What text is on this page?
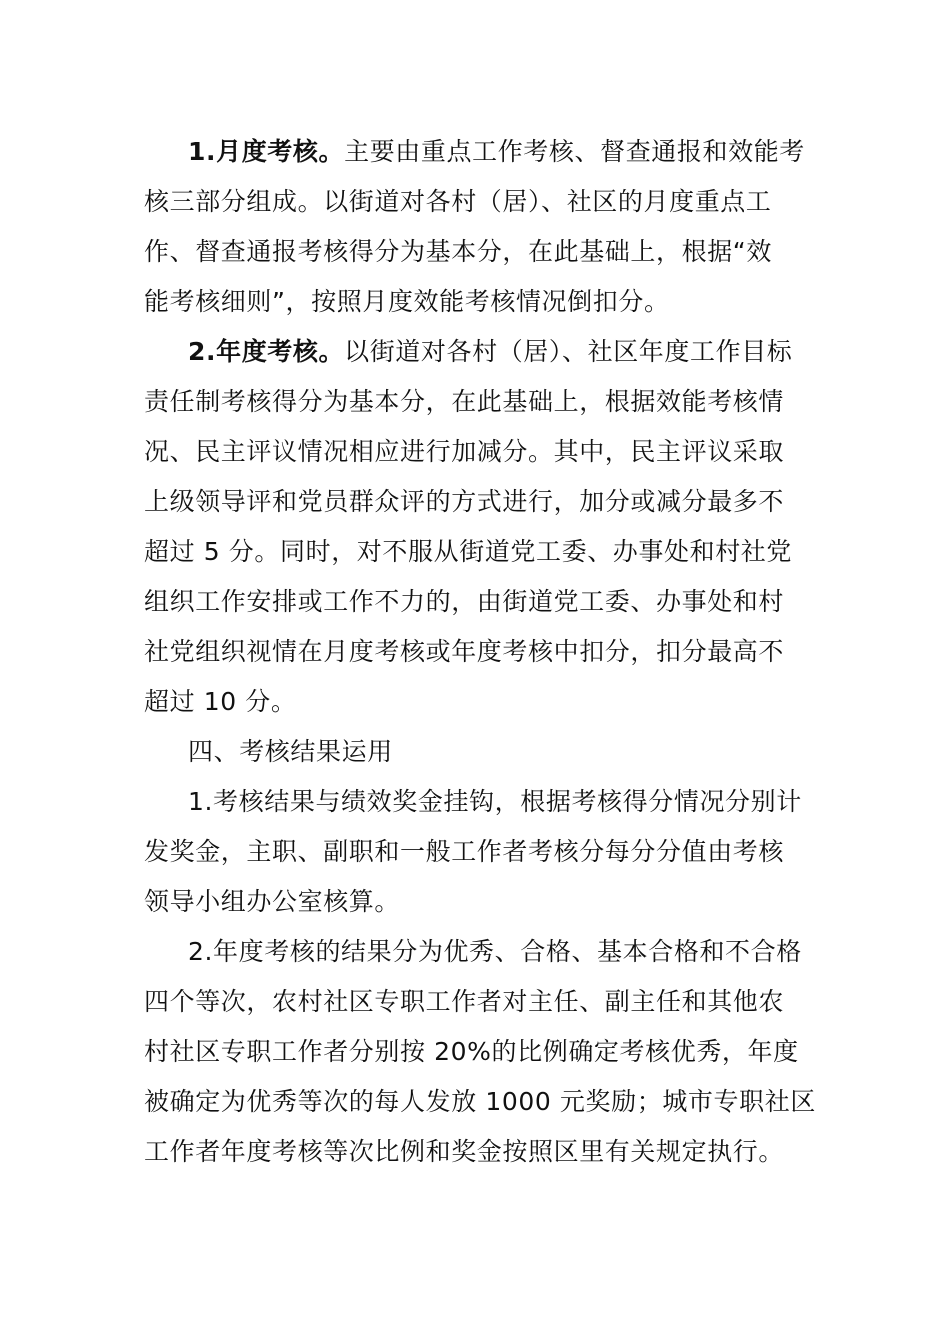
1.月度考核。主要由重点工作考核、督查通报和效能考
核三部分组成。以街道对各村（居）、社区的月度重点工
作、督查通报考核得分为基本分，在此基础上，根据“效
能考核细则”，按照月度效能考核情况倒扣分。
2.年度考核。以街道对各村（居）、社区年度工作目标
责任制考核得分为基本分，在此基础上，根据效能考核情
况、民主评议情况相应进行加减分。其中，民主评议采取
上级领导评和党员群众评的方式进行，加分或减分最多不
超过 5 分。同时，对不服从街道党工委、办事处和村社党
组织工作安排或工作不力的，由街道党工委、办事处和村
社党组织视情在月度考核或年度考核中扣分，扣分最高不
超过 10 分。
四、考核结果运用
1.考核结果与绩效奖金挂钩，根据考核得分情况分别计
发奖金，主职、副职和一般工作者考核分每分分值由考核
领导小组办公室核算。
2.年度考核的结果分为优秀、合格、基本合格和不合格
四个等次，农村社区专职工作者对主任、副主任和其他农
村社区专职工作者分别按 20%的比例确定考核优秀，年度
被确定为优秀等次的每人发放 1000 元奖励；城市专职社区
工作者年度考核等次比例和奖金按照区里有关规定执行。
